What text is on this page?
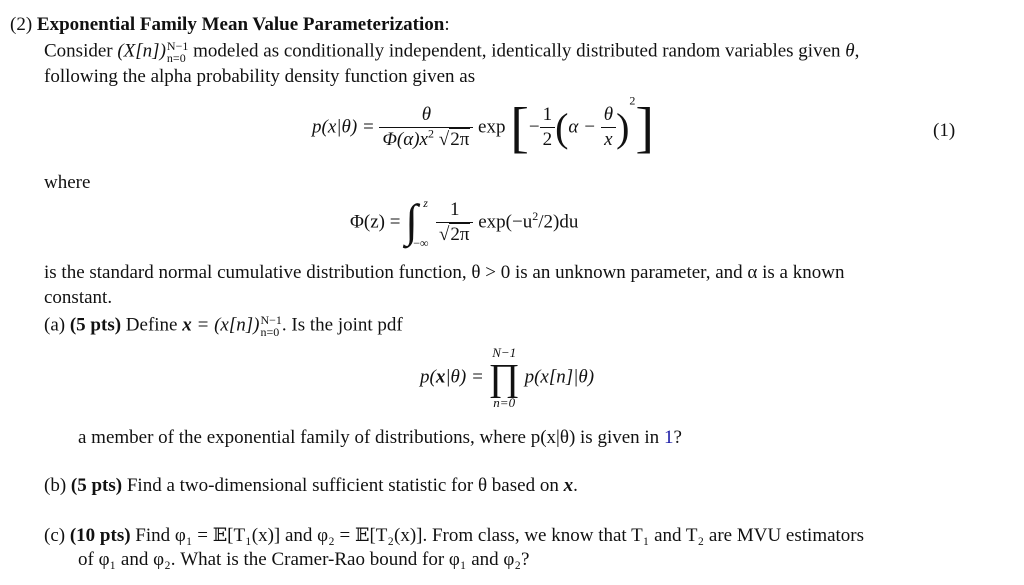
(2) Exponential Family Mean Value Parameterization:
Consider (X[n]) N−1
n=0 modeled as conditionally independent, identically distributed random variables given θ,
following the alpha probability density function given as
$p(x|\theta) = \frac{\theta}{\Phi(\alpha)x^2 √2\pi}$ exp [− $\frac{1}{2} (\alpha - \frac{\theta}{x} )^2$]	(1)
where
Φ(z) = ∫ z
−∞
$\frac{1}{√2\pi} \exp(-u^2/2)du$
is the standard normal cumulative distribution function, θ > 0 is an unknown parameter, and α is a known
constant.
(a) (5 pts) Define x = (x[n]) N−1
n=0 . Is the joint pdf
p(x|θ) =
N−1
∏
n=0
p(x[n]|θ)
a member of the exponential family of distributions, where p(x|θ) is given in 1?
(b) (5 pts) Find a two-dimensional sufficient statistic for θ based on x.
(c) (10 pts) Find φ₁ = 𝔼[T₁(x)] and φ₂ = 𝔼[T₂(x)]. From class, we know that T₁ and T₂ are MVU estimators
of φ₁ and φ₂. What is the Cramer-Rao bound for φ₁ and φ₂?
